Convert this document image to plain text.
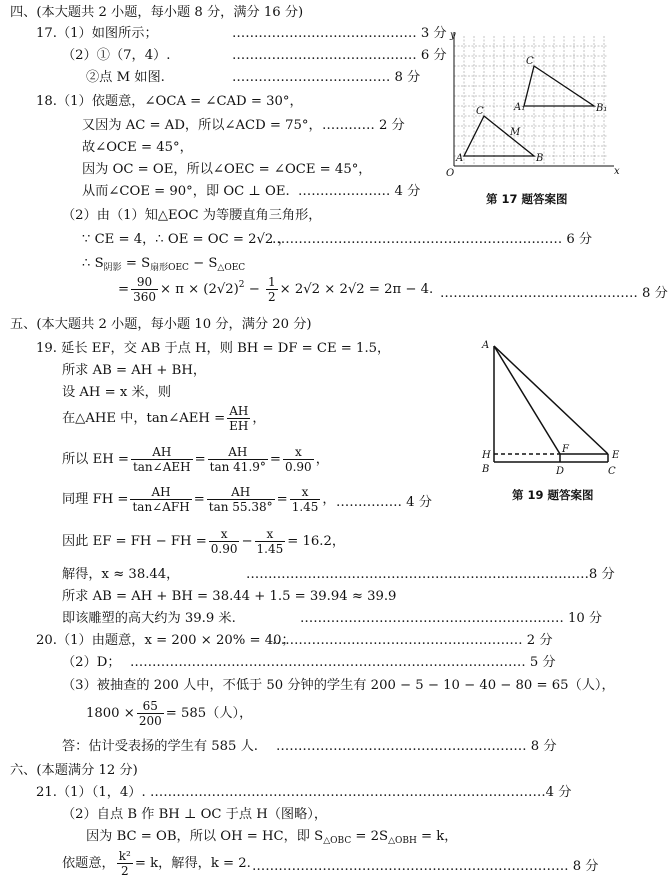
四、(本大题共 2 小题，每小题 8 分，满分 16 分)
17.（1）如图所示；	…………………………………… 3 分
（2）①（7，4）.	…………………………………… 6 分
②点 M 如图.	……………………………… 8 分
18.（1）依题意，∠OCA = ∠CAD = 30°，
又因为 AC = AD，所以∠ACD = 75°， ………… 2 分
故∠OCE = 45°，
因为 OC = OE，所以∠OEC = ∠OCE = 45°，
从而∠COE = 90°，即 OC ⊥ OE. ………………… 4 分
（2）由（1）知△EOC 为等腰直角三角形，
∵ CE = 4，∴ OE = OC = 2√2 ，
………………………………………………………… 6 分
∴ $S_{阴影} = S_{扇形OEC} - S_{\triangle OEC}$
= $\frac{90}{360} \times \pi \times (2√2)^2 - \frac{1}{2} \times 2√2 \times 2√2 = 2\pi - 4$. ……………………………………… 8 分
y
x
O
A	B
C
M
A₁	B₁
C
第 17 题答案图
五、(本大题共 2 小题，每小题 10 分，满分 20 分)
19. 延长 EF，交 AB 于点 H，则 BH = DF = CE = 1.5，
所求 AB = AH + BH，
设 AH = x 米，则
在△AHE 中，tan∠AEH = $\frac{AH}{EH}$ ，
所以 EH =	AH
tan∠AEH = $\frac{AH}{\tan 41.9^\circ} = \frac{x}{0.90}$ ，
同理 FH =	AH
tan∠AFH = $\frac{AH}{\tan 55.38^\circ} = \frac{x}{1.45}$ ， …………… 4 分
因此 EF = FH − FH = $\frac{x}{0.90} - \frac{x}{1.45} = 16.2$，
解得，x ≈ 38.44，	……………………………………………………………………8 分
所求 AB = AH + BH = 38.44 + 1.5 = 39.94 ≈ 39.9
即该雕塑的高大约为 39.9 米.	…………………………………………………… 10 分
A
H
B
F
E
D	C
第 19 题答案图
20.（1）由题意，x = 200 × 20% = 40；
………………………………………………… 2 分
（2）D； ……………………………………………………………………………… 5 分
（3）被抽查的 200 人中，不低于 50 分钟的学生有 200 − 5 − 10 − 40 − 80 = 65（人），
$1800 \times \frac{65}{200} = 585$（人），
答：估计受表扬的学生有 585 人. ………………………………………………… 8 分
六、(本题满分 12 分)
21.（1）（1，4）. ………………………………………………………………………………4 分
（2）自点 B 作 BH ⊥ OC 于点 H（图略），
因为 BC = OB，所以 OH = HC，即 $S_{\triangle OBC} = 2S_{\triangle OBH} = k$，
依题意， $\frac{\text{k²}}{2} = k$，解得，k = 2. ……………………………………………………………… 8 分
